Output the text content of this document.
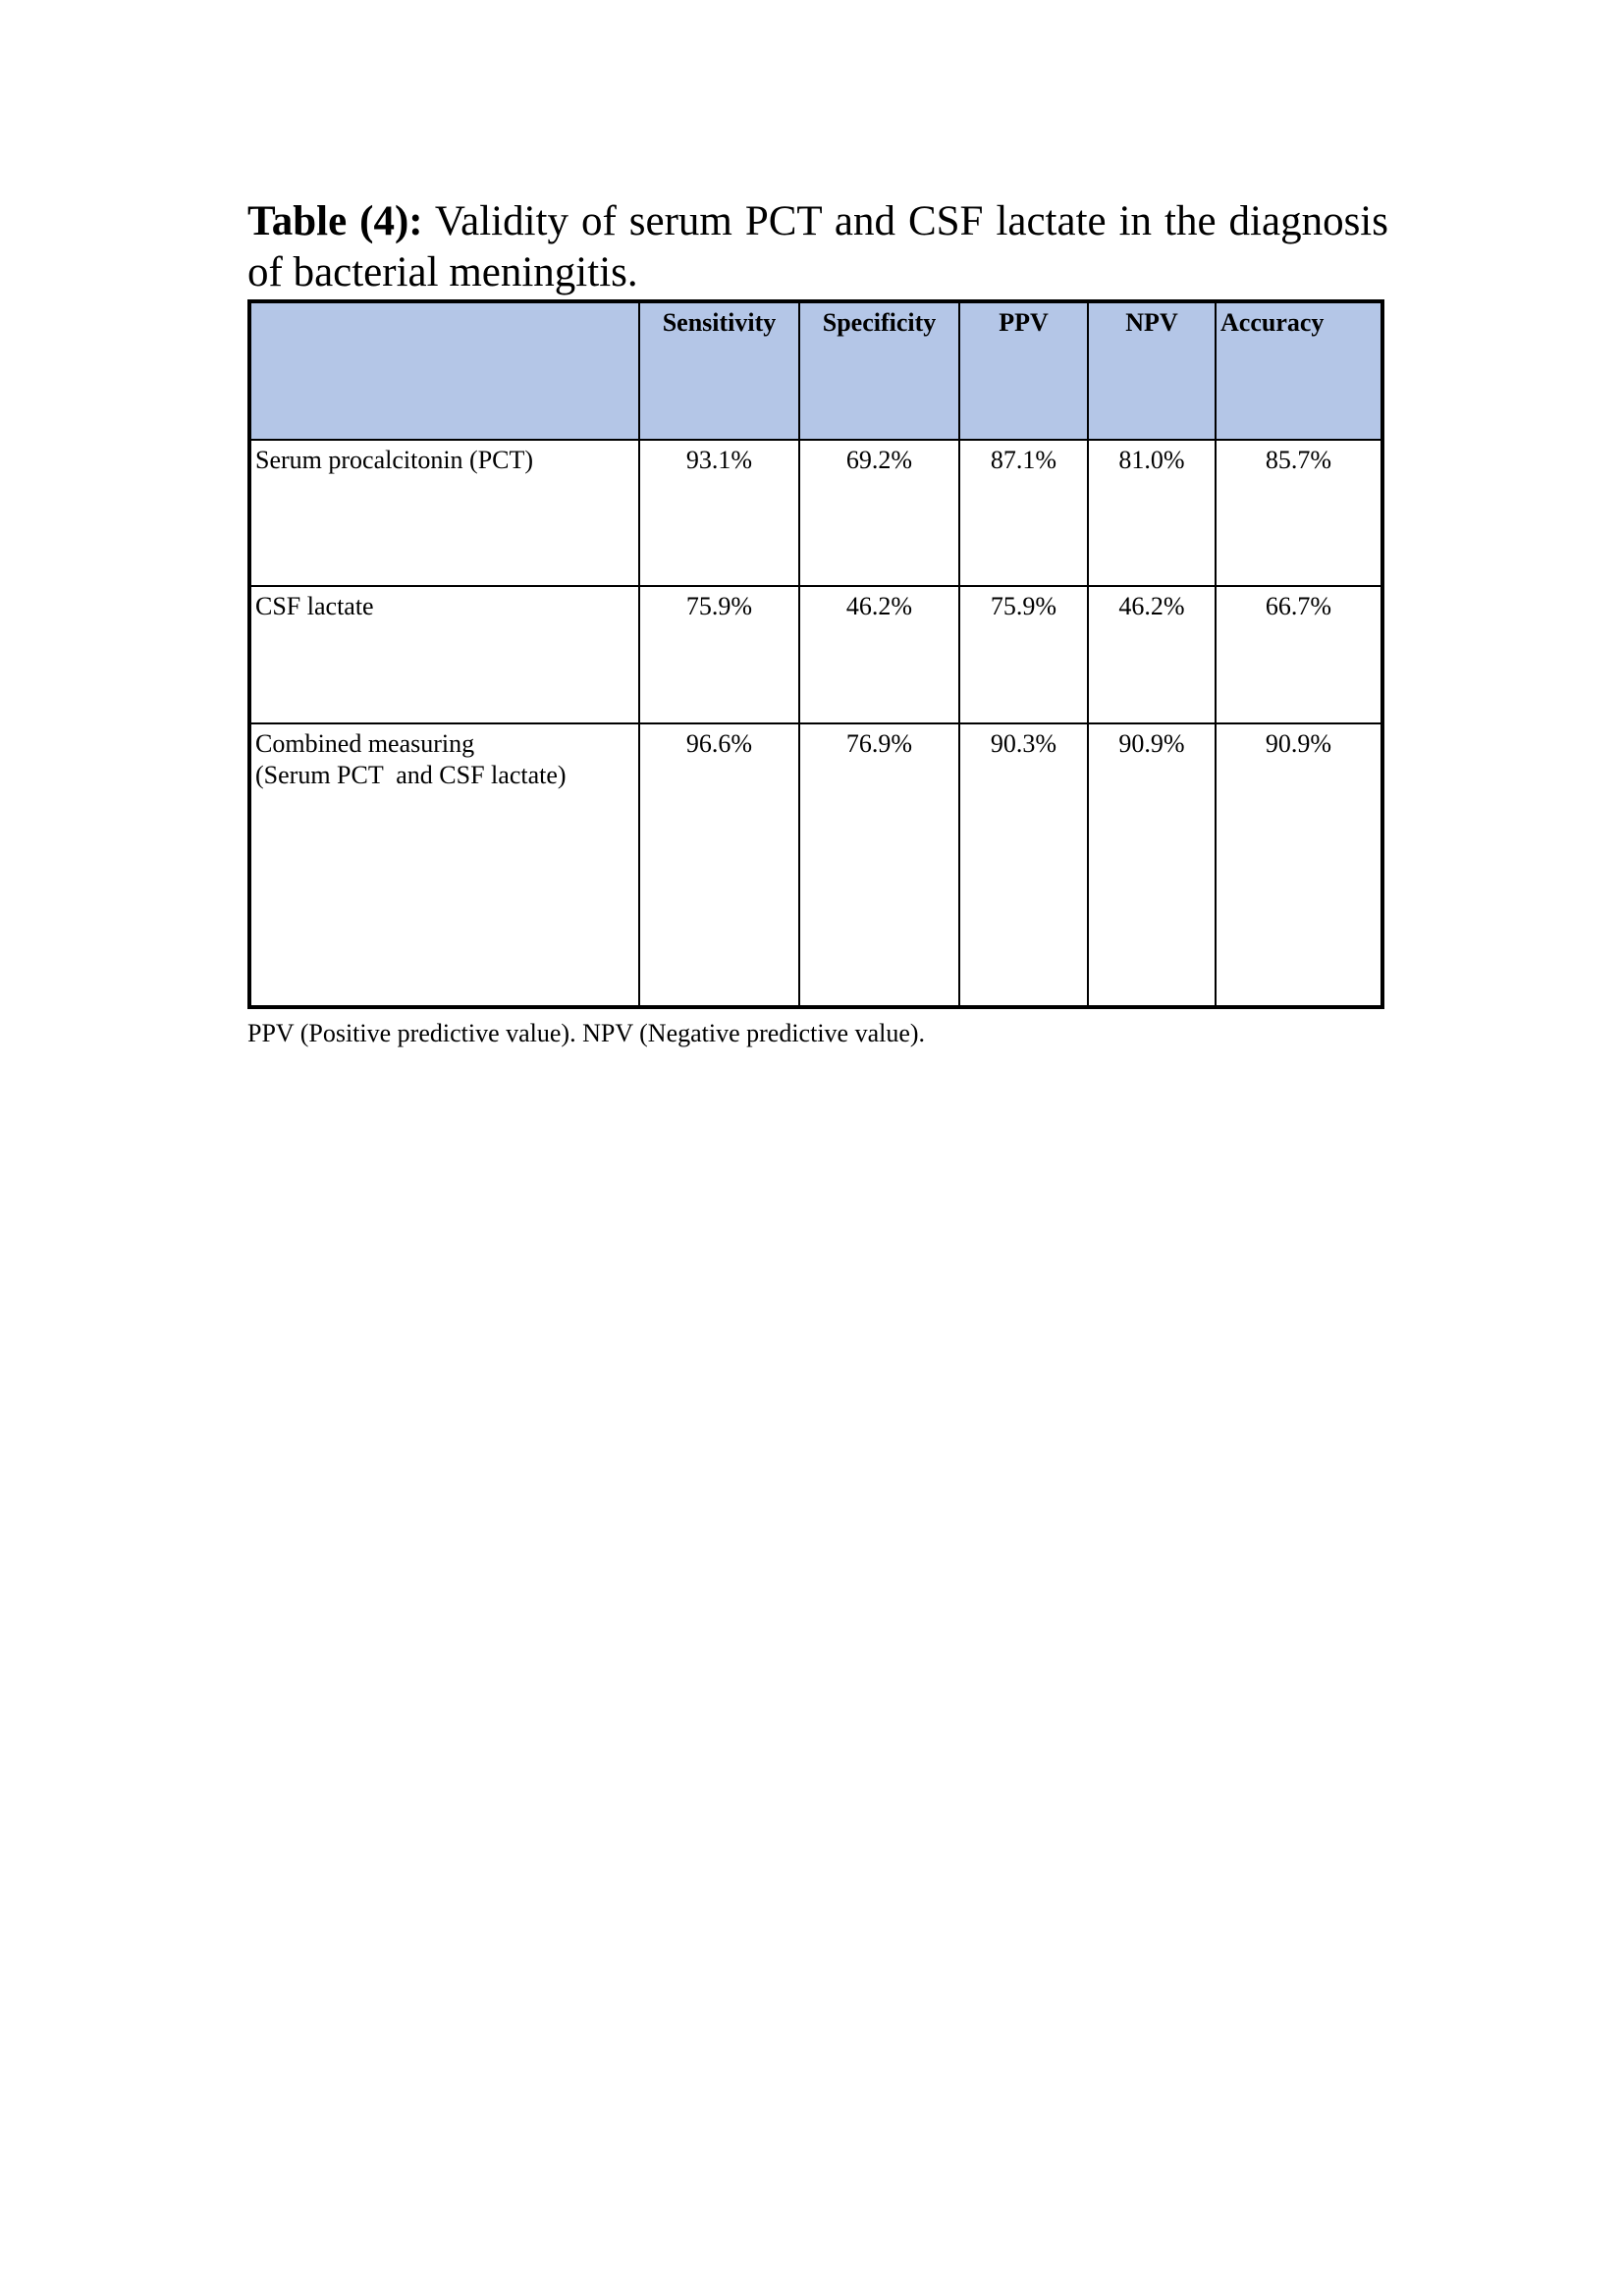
Table (4): Validity of serum PCT and CSF lactate in the diagnosis of bacterial meningitis.
	Sensitivity	Specificity	PPV	NPV	Accuracy

Serum procalcitonin (PCT)	93.1%	69.2%	87.1%	81.0%	85.7%

CSF lactate	75.9%	46.2%	75.9%	46.2%	66.7%

Combined measuring
(Serum PCT  and CSF lactate)	96.6%	76.9%	90.3%	90.9%	90.9%
PPV (Positive predictive value). NPV (Negative predictive value).
